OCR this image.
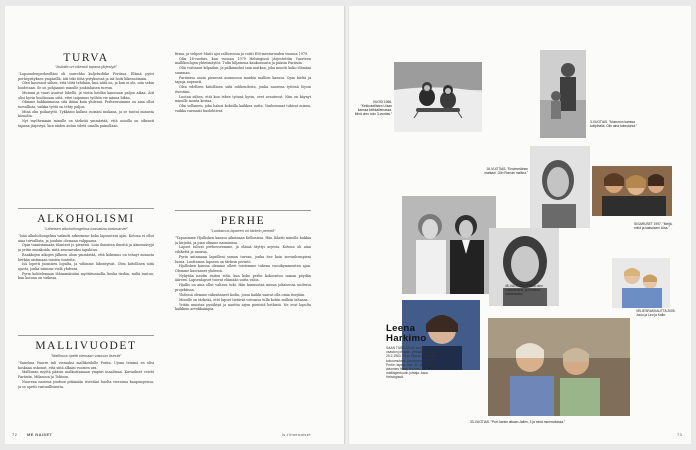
TURVA
”Asioilla on oikeasti tapana järjestyä”

”Lapsuudenperheelläni oli suurehko kuljetusliike Poriissa. Elämä pyöri perheyrityksen ympärillä, äiti teki töitä yrityksessä ja isä hoiti liikennöinnin.

Olen kasvanut siihen, että töitä tehdään, kun niitä on, ja kun ei ole, niin sekin hoidetaan. Se on pohjannut minulle jonkinlaisen turvan.

Mummi ja vaari asuivat lähellä, ja vietin heidän kanssaan paljon aikaa. Äiti olisi hyvin huolissaan siitä, ettei taipumus työhön vie minua liikaa.

Olimme hakkaamassa sitä ikään kuin yhdessä. Perheessämme on aina ollut turvallista, vaikka työtä on tehty paljon.

Minä olin poikatyttö. Tykkäsin kulkea isoisäni mukana, ja se tuntui minusta hienolta.

Nyt myöhemmin minulle on tärkeää ymmärtää, että asioilla on oikeasti tapana järjestyä, kun niiden antaa edetä omalla painollaan.

ALKOHOLISMI
”Läheisen alkoholiongelma kasvattaa tuntosarvet”

”Isän alkoholiongelma vaikutti arkeemme koko lapsuuteni ajan. Kotona ei ollut aina turvallista, ja jouduin olemaan valppaana.

Opin tunnistamaan tilanteet jo pienenä. Luin ihmisten ilmeitä ja äänensävyjä ja yritin ennakoida, mitä seuraavaksi tapahtuu.

Rankkojen aikojen jälkeen aloin ymmärtää, että kokemus on tehnyt minusta herkän aistimaan toisten tunteita.

Isä lopetti juomisen lopulta, ja välimme lähentyivät. Olen kiitollinen siitä ajasta, jonka saimme vielä yhdessä.

Pyrin kohtelemaan lähimmäisiäni myötätunnolla, koska tiedän, miltä tuntuu, kun kotona on vaikeaa.

MALLIVUODET
”Mallinura opetti olemaan vastuun itsestä”

”Sanelma Vuorre tuli vieraaksi mallikoululle Poriin. Ujona teininä en olisi koskaan uskonut, että siitä alkaisi vuosien ura.

Malliuran myötä pääsin matkustamaan ympäri maailmaa. Kuvaukset veivät Pariisiin, Milanoon ja Tokioon.

Nuorena naisena jouduin pitämään itsestäni huolta vieraissa kaupungeissa, ja se opetti vastuullisuutta.

firma, ja vehjeet Matti ajoi rallicrossia ja voitti EM-mestaruuden vuonna 1979.

Olin 16-vuotias, kun vuonna 1979 Helsingissä järjestettiin Vuorteen mallikoulujen yhteisnäytös. Tulin hiljaisena kaukosuusta ja pääsin Pariisiin.

Olin voittanut kilpailun, ja palkinnoksi sain matkan, joka muutti koko elämäni suunnan.

Pariisissa asuin pienessä asunnossa muiden mallien kanssa. Opin kieltä ja tapoja nopeasti.

Olen edelleen kiitollinen siitä rohkeudesta, jonka nuorena tyttönä löysin itsestäni.

Luotan siihen, että kun tekee työnsä hyvin, ovet avautuvat. Niin on käynyt minulle monta kertaa.

Olin sellainen, joka halusi kokeilla kaikkea uutta. Vanhemmat tukivat minua, vaikka varmasti huolehtivat.

PERHE
”Luottamus lapseen on tärkein perintö”

”Tapasimme Hjallisken kanssa aikoinaan Kellonissa. Hän lähetti minulle kukkia ja kirjeitä, ja pian olimme naimisissa.

Lapset tulivat perheeseemme, ja elämä täyttyi arjesta. Kotona oli aina vilskettä ja naurua.

Pyrin antamaan lapsilleni saman turvan, jonka itse koin isovanhempieni luona. Luottamus lapseen on tärkein perintö.

Hjallisken kanssa olemme olleet toistemme tukena vuosikymmenten ajan. Olemme kasvaneet yhdessä.

Nykyään nautin eniten siitä, kun koko perhe kokoontuu saman pöydän ääreen. Lapsenlapset tuovat elämään uutta valoa.

Hjallis on aina ollut valtava tuki. Hän kannustaa minua jokaisessa uudessa projektissa.

Yhdessä olemme rakentaneet kodin, jossa kaikki saavat olla omia itsejään.

Minulle on tärkeää, että lapset tietävät voivansa tulla kotiin milloin tahansa.

Yritän muistaa pysähtyä ja nauttia arjen pienistä hetkistä. Ne ovat lopulta kaikkein arvokkaimpia.

72 ME NAISET	is.fi/menaiset
VUOSI 1966. ”Kekkosellisten Liisan kanssa kelkkailemassa. Minä olen noin 3-vuotias.”
3-VUOTIAS. ”Mummun kanssa kotipihalla. Olin aina tukeutunut.”
16-VUOTIAS. ”Ensimmäinen matkani. Olin Roman mallina.”
SIGARUSET 1997. ”Meijä, minä ja kaksoseni Liisa.”
45-VUOTIAS. ”Tässä olen mallipäivänä, ja tuntenut luottamusta.”
VELIESRAKKAUTTA 2005. Joulu ja Leo ja Kalle.
33-VUOTIAS. ”Pori Jaesin aikaan Jallen, 3 ja minä mummolassa.”
Leena
Harkimo
SAAN TUBE-SYLA: luovuin osaston johtajan, yrittäjänä Porissa 25.2.1963. Asuu Sipoossa. Entinen kokoomuksen kansanedustaja. Perhe: lapset Jani, 33, ja Leo, 30, aviomies Harry Harkimo, malliagentuurin johtaja. Asuu Helsingissä.
73
